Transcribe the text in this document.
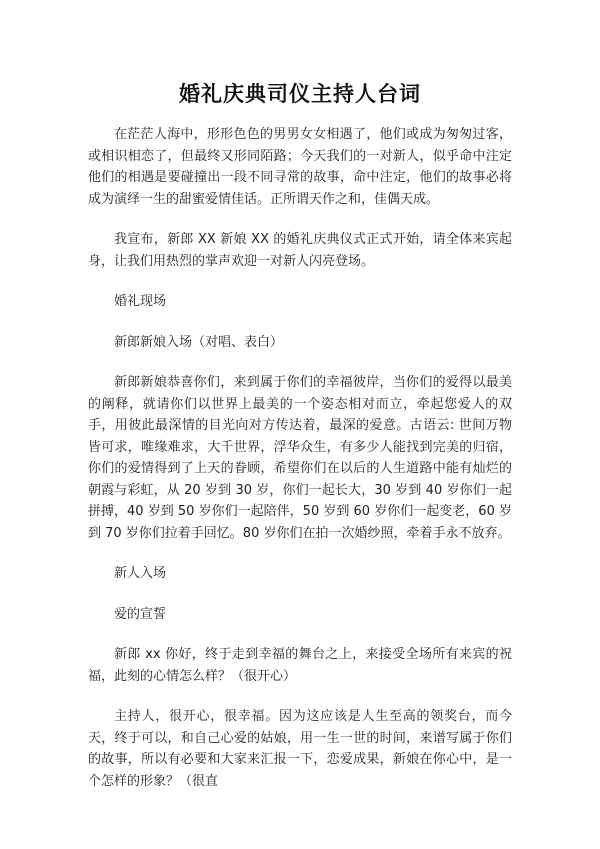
婚礼庆典司仪主持人台词

在茫茫人海中，形形色色的男男女女相遇了，他们或成为匆匆过客，或相识相恋了，但最终又形同陌路；今天我们的一对新人，似乎命中注定他们的相遇是要碰撞出一段不同寻常的故事，命中注定，他们的故事必将成为演绎一生的甜蜜爱情佳话。正所谓天作之和，佳偶天成。

我宣布，新郎 XX 新娘 XX 的婚礼庆典仪式正式开始，请全体来宾起身，让我们用热烈的掌声欢迎一对新人闪亮登场。

婚礼现场

新郎新娘入场（对唱、表白）

新郎新娘恭喜你们，来到属于你们的幸福彼岸，当你们的爱得以最美的阐释，就请你们以世界上最美的一个姿态相对而立，牵起您爱人的双手，用彼此最深情的目光向对方传达着，最深的爱意。古语云: 世间万物皆可求，唯缘难求，大千世界，浮华众生，有多少人能找到完美的归宿，你们的爱情得到了上天的眷顾，希望你们在以后的人生道路中能有灿烂的朝霞与彩虹，从 20 岁到 30 岁，你们一起长大，30 岁到 40 岁你们一起拼搏，40 岁到 50 岁你们一起陪伴，50 岁到 60 岁你们一起变老，60 岁到 70 岁你们拉着手回忆。80 岁你们在拍一次婚纱照，牵着手永不放弃。

新人入场

爱的宣誓

新郎 xx 你好，终于走到幸福的舞台之上，来接受全场所有来宾的祝福，此刻的心情怎么样？（很开心）

主持人，很开心，很幸福。因为这应该是人生至高的领奖台，而今天，终于可以，和自己心爱的姑娘，用一生一世的时间，来谱写属于你们的故事，所以有必要和大家来汇报一下，恋爱成果，新娘在你心中，是一个怎样的形象？（很直
